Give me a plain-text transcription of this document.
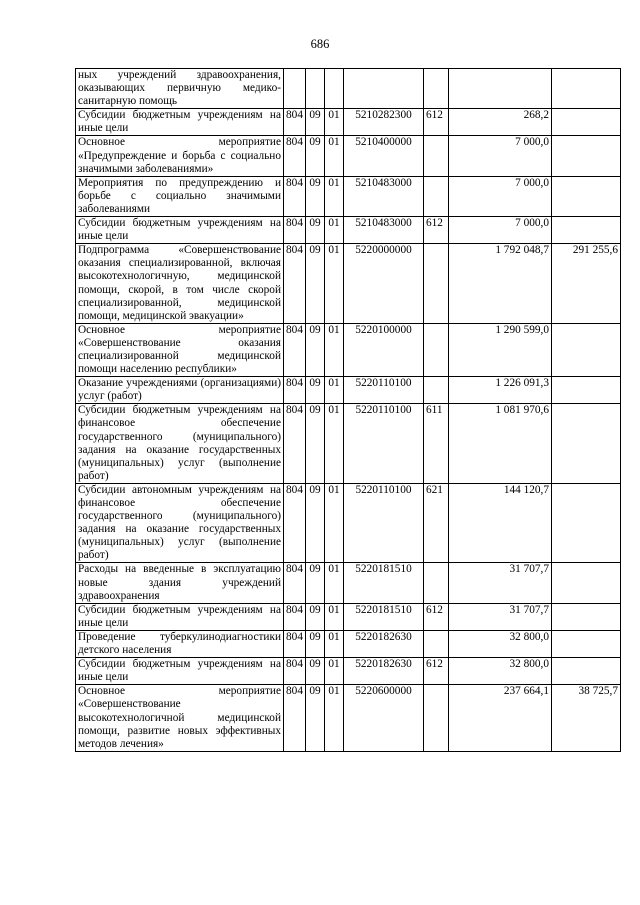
686
ных учреждений здравоохранения, оказывающих первичную медико-санитарную помощь							
Субсидии бюджетным учреждениям на иные цели	804	09	01	5210282300	612	268,2	
Основное мероприятие «Предупреждение и борьба с социально значимыми заболеваниями»	804	09	01	5210400000		7 000,0	
Мероприятия по предупреждению и борьбе с социально значимыми заболеваниями	804	09	01	5210483000		7 000,0	
Субсидии бюджетным учреждениям на иные цели	804	09	01	5210483000	612	7 000,0	
Подпрограмма «Совершенствование оказания специализированной, включая высокотехнологичную, медицинской помощи, скорой, в том числе скорой специализированной, медицинской помощи, медицинской эвакуации»	804	09	01	5220000000		1 792 048,7	291 255,6
Основное мероприятие «Совершенствование оказания специализированной медицинской помощи населению республики»	804	09	01	5220100000		1 290 599,0	
Оказание учреждениями (организациями) услуг (работ)	804	09	01	5220110100		1 226 091,3	
Субсидии бюджетным учреждениям на финансовое обеспечение государственного (муниципального) задания на оказание государственных (муниципальных) услуг (выполнение работ)	804	09	01	5220110100	611	1 081 970,6	
Субсидии автономным учреждениям на финансовое обеспечение государственного (муниципального) задания на оказание государственных (муниципальных) услуг (выполнение работ)	804	09	01	5220110100	621	144 120,7	
Расходы на введенные в эксплуатацию новые здания учреждений здравоохранения	804	09	01	5220181510		31 707,7	
Субсидии бюджетным учреждениям на иные цели	804	09	01	5220181510	612	31 707,7	
Проведение туберкулинодиагностики детского населения	804	09	01	5220182630		32 800,0	
Субсидии бюджетным учреждениям на иные цели	804	09	01	5220182630	612	32 800,0	
Основное мероприятие «Совершенствование высокотехнологичной медицинской помощи, развитие новых эффективных методов лечения»	804	09	01	5220600000		237 664,1	38 725,7
